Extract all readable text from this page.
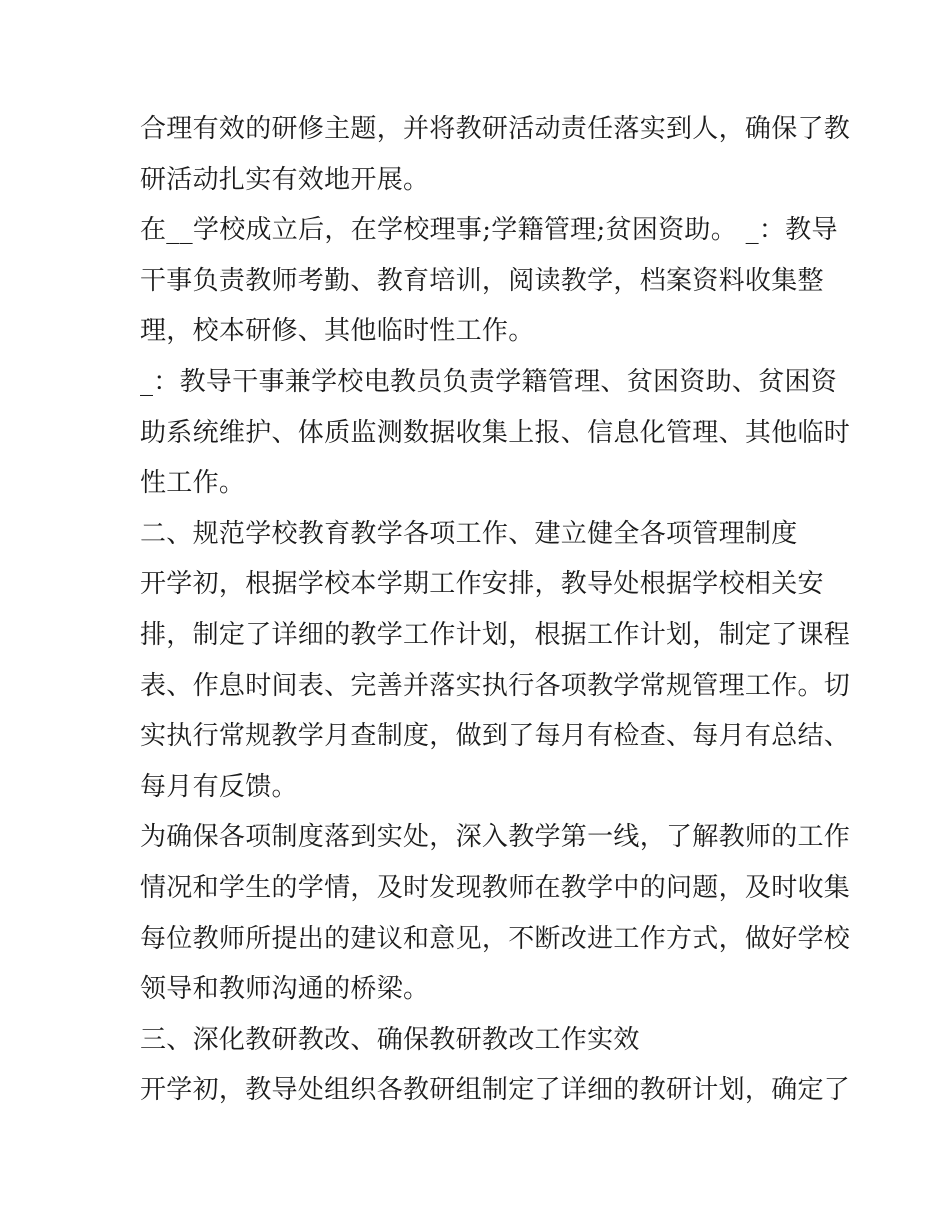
合理有效的研修主题，并将教研活动责任落实到人，确保了教
研活动扎实有效地开展。
在__学校成立后，在学校理事;学籍管理;贫困资助。 _：教导
干事负责教师考勤、教育培训，阅读教学，档案资料收集整
理，校本研修、其他临时性工作。
_：教导干事兼学校电教员负责学籍管理、贫困资助、贫困资
助系统维护、体质监测数据收集上报、信息化管理、其他临时
性工作。
二、规范学校教育教学各项工作、建立健全各项管理制度
开学初，根据学校本学期工作安排，教导处根据学校相关安
排，制定了详细的教学工作计划，根据工作计划，制定了课程
表、作息时间表、完善并落实执行各项教学常规管理工作。切
实执行常规教学月查制度，做到了每月有检查、每月有总结、
每月有反馈。
为确保各项制度落到实处，深入教学第一线，了解教师的工作
情况和学生的学情，及时发现教师在教学中的问题，及时收集
每位教师所提出的建议和意见，不断改进工作方式，做好学校
领导和教师沟通的桥梁。
三、深化教研教改、确保教研教改工作实效
开学初，教导处组织各教研组制定了详细的教研计划，确定了
